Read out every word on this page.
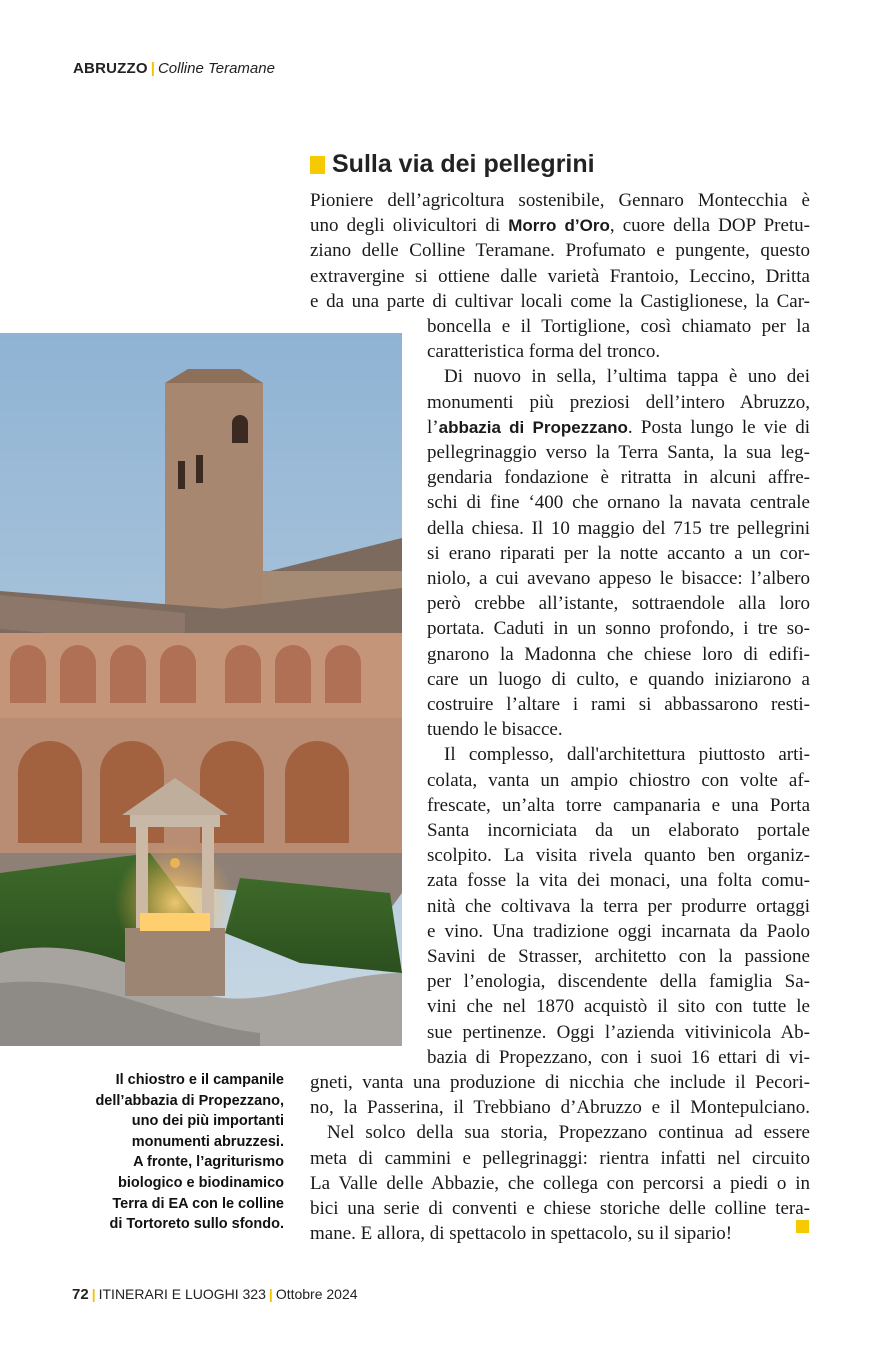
ABRUZZO | Colline Teramane
Sulla via dei pellegrini
Pioniere dell’agricoltura sostenibile, Gennaro Montecchia è
uno degli olivicultori di Morro d’Oro, cuore della DOP Pretu-
ziano delle Colline Teramane. Profumato e pungente, questo
extravergine si ottiene dalle varietà Frantoio, Leccino, Dritta
e da una parte di cultivar locali come la Castiglionese, la Car-
boncella e il Tortiglione, così chiamato per la
caratteristica forma del tronco.
Di nuovo in sella, l’ultima tappa è uno dei
monumenti più preziosi dell’intero Abruzzo,
l’abbazia di Propezzano. Posta lungo le vie di
pellegrinaggio verso la Terra Santa, la sua leg-
gendaria fondazione è ritratta in alcuni affre-
schi di fine ‘400 che ornano la navata centrale
della chiesa. Il 10 maggio del 715 tre pellegrini
si erano riparati per la notte accanto a un cor-
niolo, a cui avevano appeso le bisacce: l’albero
però crebbe all’istante, sottraendole alla loro
portata. Caduti in un sonno profondo, i tre so-
gnarono la Madonna che chiese loro di edifi-
care un luogo di culto, e quando iniziarono a
costruire l’altare i rami si abbassarono resti-
tuendo le bisacce.
Il complesso, dall'architettura piuttosto arti-
colata, vanta un ampio chiostro con volte af-
frescate, un’alta torre campanaria e una Porta
Santa incorniciata da un elaborato portale
scolpito. La visita rivela quanto ben organiz-
zata fosse la vita dei monaci, una folta comu-
nità che coltivava la terra per produrre ortaggi
e vino. Una tradizione oggi incarnata da Paolo
Savini de Strasser, architetto con la passione
per l’enologia, discendente della famiglia Sa-
vini che nel 1870 acquistò il sito con tutte le
sue pertinenze. Oggi l’azienda vitivinicola Ab-
bazia di Propezzano, con i suoi 16 ettari di vi-
gneti, vanta una produzione di nicchia che include il Pecori-
no, la Passerina, il Trebbiano d’Abruzzo e il Montepulciano.
Nel solco della sua storia, Propezzano continua ad essere
meta di cammini e pellegrinaggi: rientra infatti nel circuito
La Valle delle Abbazie, che collega con percorsi a piedi o in
bici una serie di conventi e chiese storiche delle colline tera-
mane. E allora, di spettacolo in spettacolo, su il sipario!
Il chiostro e il campanile
dell’abbazia di Propezzano,
uno dei più importanti
monumenti abruzzesi.
A fronte, l’agriturismo
biologico e biodinamico
Terra di EA con le colline
di Tortoreto sullo sfondo.
72 | ITINERARI E LUOGHI 323 | Ottobre 2024
